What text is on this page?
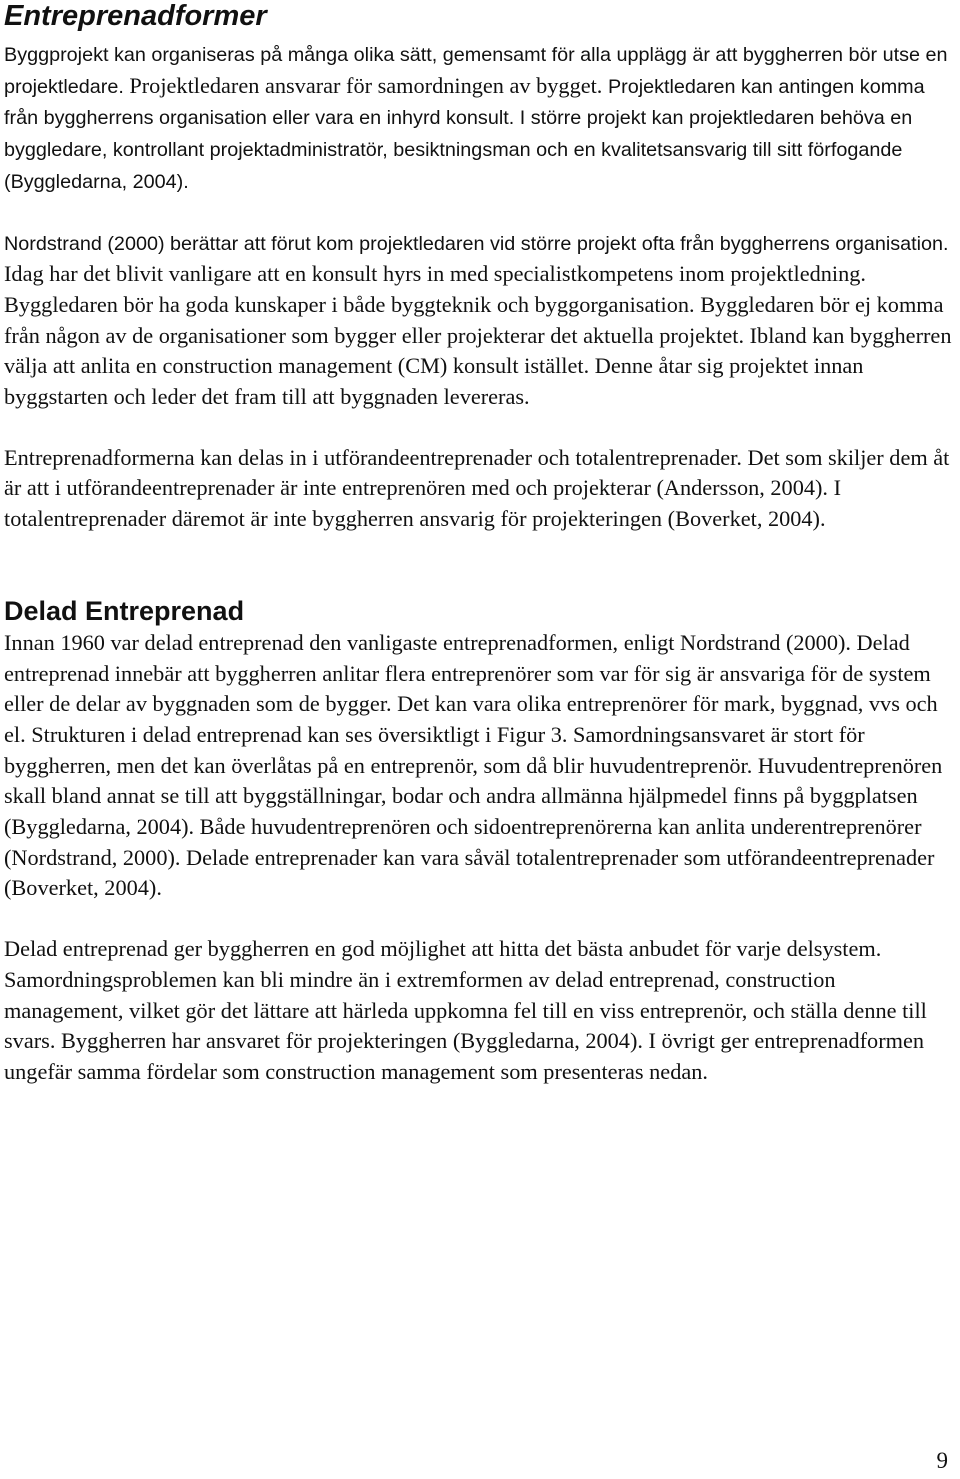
Entreprenadformer

Byggprojekt kan organiseras på många olika sätt, gemensamt för alla upplägg är att byggherren bör utse en projektledare. Projektledaren ansvarar för samordningen av bygget. Projektledaren kan antingen komma från byggherrens organisation eller vara en inhyrd konsult. I större projekt kan projektledaren behöva en byggledare, kontrollant projektadministratör, besiktningsman och en kvalitetsansvarig till sitt förfogande (Byggledarna, 2004).

Nordstrand (2000) berättar att förut kom projektledaren vid större projekt ofta från byggherrens organisation. Idag har det blivit vanligare att en konsult hyrs in med specialistkompetens inom projektledning. Byggledaren bör ha goda kunskaper i både byggteknik och byggorganisation. Byggledaren bör ej komma från någon av de organisationer som bygger eller projekterar det aktuella projektet. Ibland kan byggherren välja att anlita en construction management (CM) konsult istället. Denne åtar sig projektet innan byggstarten och leder det fram till att byggnaden levereras.

Entreprenadformerna kan delas in i utförandeentreprenader och totalentreprenader. Det som skiljer dem åt är att i utförandeentreprenader är inte entreprenören med och projekterar (Andersson, 2004). I totalentreprenader däremot är inte byggherren ansvarig för projekteringen (Boverket, 2004).

Delad Entreprenad

Innan 1960 var delad entreprenad den vanligaste entreprenadformen, enligt Nordstrand (2000). Delad entreprenad innebär att byggherren anlitar flera entreprenörer som var för sig är ansvariga för de system eller de delar av byggnaden som de bygger. Det kan vara olika entreprenörer för mark, byggnad, vvs och el. Strukturen i delad entreprenad kan ses översiktligt i Figur 3. Samordningsansvaret är stort för byggherren, men det kan överlåtas på en entreprenör, som då blir huvudentreprenör. Huvudentreprenören skall bland annat se till att byggställningar, bodar och andra allmänna hjälpmedel finns på byggplatsen (Byggledarna, 2004). Både huvudentreprenören och sidoentreprenörerna kan anlita underentreprenörer (Nordstrand, 2000). Delade entreprenader kan vara såväl totalentreprenader som utförandeentreprenader (Boverket, 2004).

Delad entreprenad ger byggherren en god möjlighet att hitta det bästa anbudet för varje delsystem. Samordningsproblemen kan bli mindre än i extremformen av delad entreprenad, construction management, vilket gör det lättare att härleda uppkomna fel till en viss entreprenör, och ställa denne till svars. Byggherren har ansvaret för projekteringen (Byggledarna, 2004). I övrigt ger entreprenadformen ungefär samma fördelar som construction management som presenteras nedan.

9
